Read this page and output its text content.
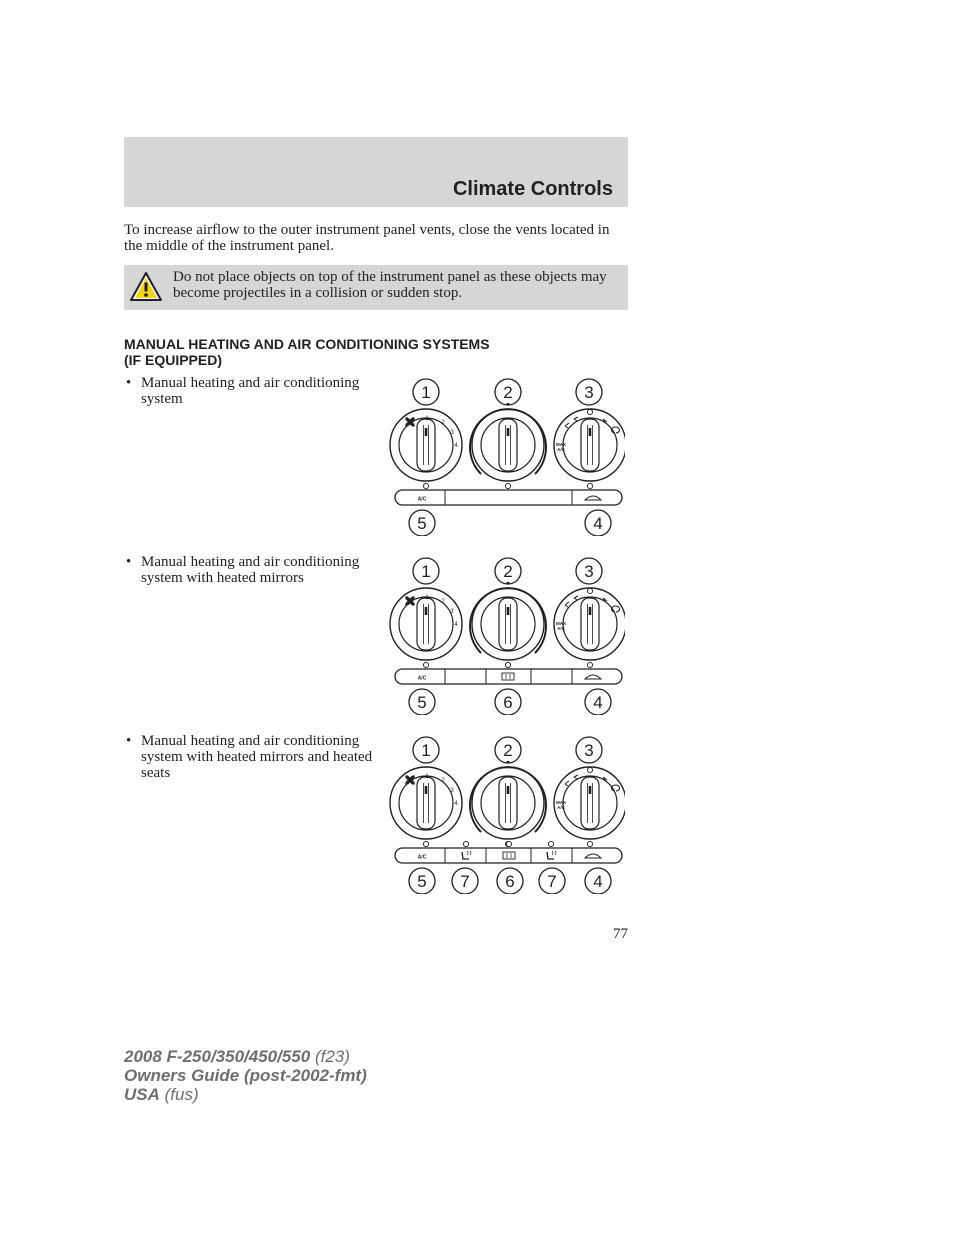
Climate Controls

To increase airflow to the outer instrument panel vents, close the vents located in the middle of the instrument panel.

Do not place objects on top of the instrument panel as these objects may become projectiles in a collision or sudden stop.

MANUAL HEATING AND AIR CONDITIONING SYSTEMS
(IF EQUIPPED)
• Manual heating and air conditioning system
• Manual heating and air conditioning system with heated mirrors
• Manual heating and air conditioning system with heated mirrors and heated seats
1	2	3
1
2
3
4	MAX
A/C
A/C
5	4
1	2	3
1
2
3
4	MAX
A/C
A/C
5	6	4
1	2	3
1
2
3
4	MAX
A/C
A/C
5 7 6 7 4
77
2008 F-250/350/450/550 (f23)
Owners Guide (post-2002-fmt)
USA (fus)
